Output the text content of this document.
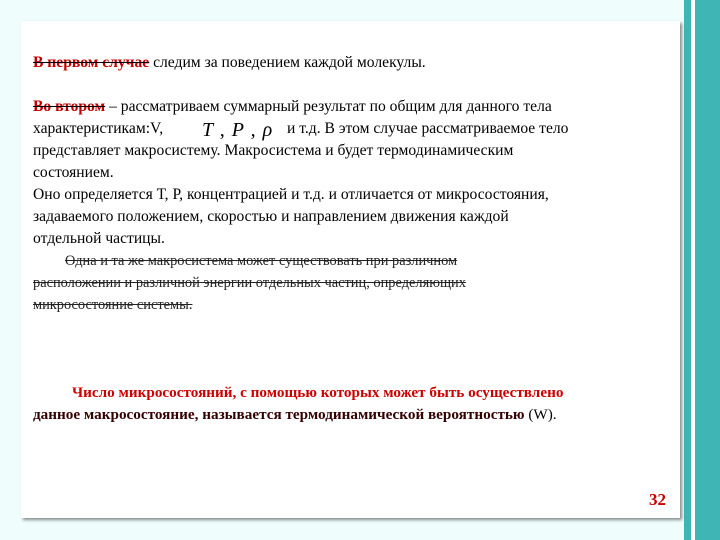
В первом случае следим за поведением каждой молекулы.
Во втором – рассматриваем суммарный результат по общим для данного тела
характеристикам:V, T , P , ρ и т.д. В этом случае рассматриваемое тело
представляет макросистему. Макросистема и будет термодинамическим
состоянием.
Оно определяется Т, Р, концентрацией и т.д. и отличается от микросостояния,
задаваемого положением, скоростью и направлением движения каждой
отдельной частицы.
Одна и та же макросистема может существовать при различном
расположении и различной энергии отдельных частиц, определяющих
микросостояние системы.
Число микросостояний, с помощью которых может быть осуществлено
данное макросостояние, называется термодинамической вероятностью (W).
32
